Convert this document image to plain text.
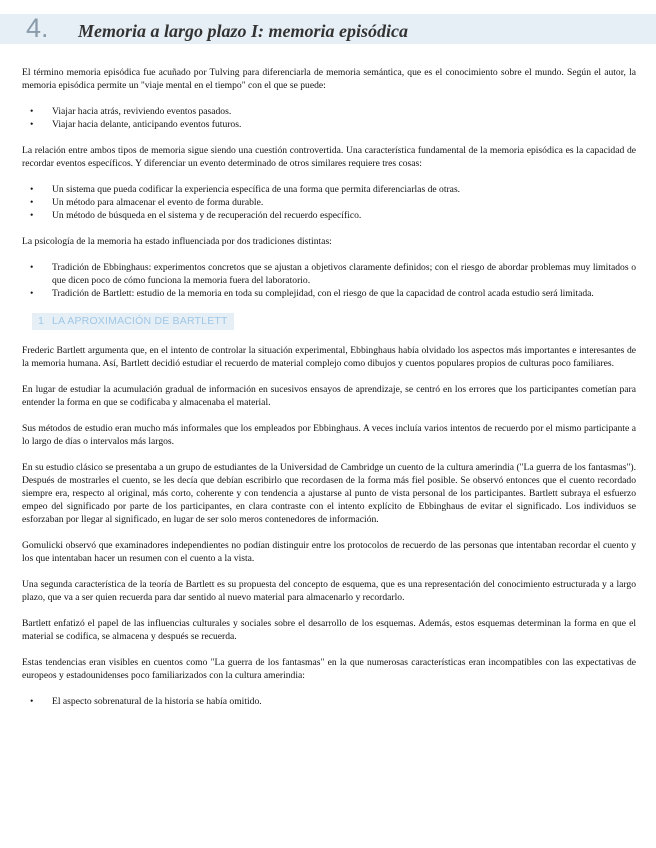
4. Memoria a largo plazo I: memoria episódica

El término memoria episódica fue acuñado por Tulving para diferenciarla de memoria semántica, que es el conocimiento sobre el mundo. Según el autor, la memoria episódica permite un "viaje mental en el tiempo" con el que se puede:

• Viajar hacia atrás, reviviendo eventos pasados.
• Viajar hacia delante, anticipando eventos futuros.

La relación entre ambos tipos de memoria sigue siendo una cuestión controvertida. Una característica fundamental de la memoria episódica es la capacidad de recordar eventos específicos. Y diferenciar un evento determinado de otros similares requiere tres cosas:

• Un sistema que pueda codificar la experiencia específica de una forma que permita diferenciarlas de otras.
• Un método para almacenar el evento de forma durable.
• Un método de búsqueda en el sistema y de recuperación del recuerdo específico.

La psicología de la memoria ha estado influenciada por dos tradiciones distintas:

• Tradición de Ebbinghaus: experimentos concretos que se ajustan a objetivos claramente definidos; con el riesgo de abordar problemas muy limitados o que dicen poco de cómo funciona la memoria fuera del laboratorio.
• Tradición de Bartlett: estudio de la memoria en toda su complejidad, con el riesgo de que la capacidad de control acada estudio será limitada.
1 LA APROXIMACIÓN DE BARTLETT

Frederic Bartlett argumenta que, en el intento de controlar la situación experimental, Ebbinghaus había olvidado los aspectos más importantes e interesantes de la memoria humana. Así, Bartlett decidió estudiar el recuerdo de material complejo como dibujos y cuentos populares propios de culturas poco familiares.

En lugar de estudiar la acumulación gradual de información en sucesivos ensayos de aprendizaje, se centró en los errores que los participantes cometían para entender la forma en que se codificaba y almacenaba el material.

Sus métodos de estudio eran mucho más informales que los empleados por Ebbinghaus. A veces incluía varios intentos de recuerdo por el mismo participante a lo largo de días o intervalos más largos.

En su estudio clásico se presentaba a un grupo de estudiantes de la Universidad de Cambridge un cuento de la cultura amerindia ("La guerra de los fantasmas"). Después de mostrarles el cuento, se les decía que debían escribirlo que recordasen de la forma más fiel posible. Se observó entonces que el cuento recordado siempre era, respecto al original, más corto, coherente y con tendencia a ajustarse al punto de vista personal de los participantes. Bartlett subraya el esfuerzo empeo del significado por parte de los participantes, en clara contraste con el intento explícito de Ebbinghaus de evitar el significado. Los individuos se esforzaban por llegar al significado, en lugar de ser solo meros contenedores de información.

Gomulicki observó que examinadores independientes no podían distinguir entre los protocolos de recuerdo de las personas que intentaban recordar el cuento y los que intentaban hacer un resumen con el cuento a la vista.

Una segunda característica de la teoría de Bartlett es su propuesta del concepto de esquema, que es una representación del conocimiento estructurada y a largo plazo, que va a ser quien recuerda para dar sentido al nuevo material para almacenarlo y recordarlo.

Bartlett enfatizó el papel de las influencias culturales y sociales sobre el desarrollo de los esquemas. Además, estos esquemas determinan la forma en que el material se codifica, se almacena y después se recuerda.

Estas tendencias eran visibles en cuentos como "La guerra de los fantasmas" en la que numerosas características eran incompatibles con las expectativas de europeos y estadounidenses poco familiarizados con la cultura amerindia:

• El aspecto sobrenatural de la historia se había omitido.
